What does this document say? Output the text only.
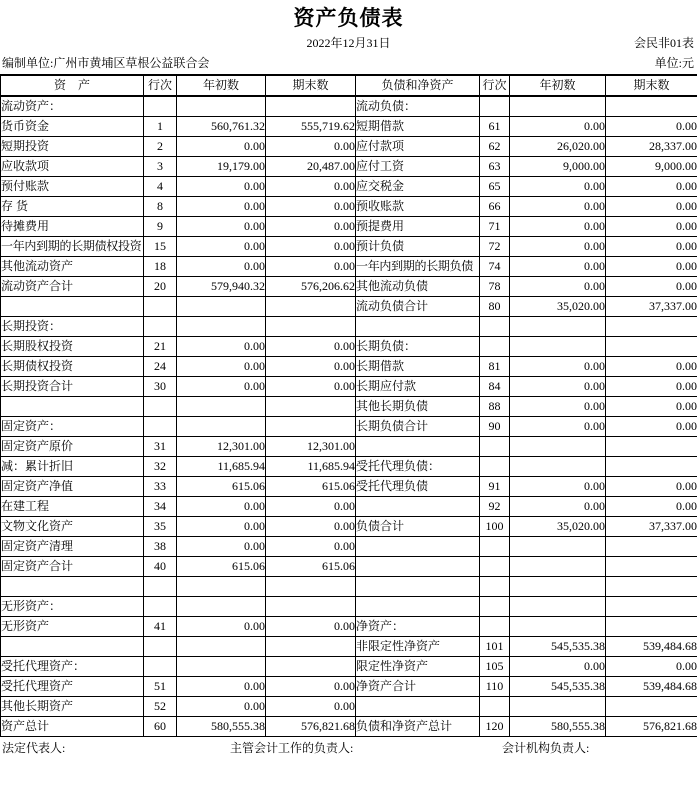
资产负债表
2022年12月31日	会民非01表
编制单位:广州市黄埔区草根公益联合会	单位:元
资　产	行次	年初数	期末数	负债和净资产	行次	年初数	期末数
流动资产：				流动负债：			
货币资金	1	560,761.32	555,719.62	短期借款	61	0.00	0.00
短期投资	2	0.00	0.00	应付款项	62	26,020.00	28,337.00
应收款项	3	19,179.00	20,487.00	应付工资	63	9,000.00	9,000.00
预付账款	4	0.00	0.00	应交税金	65	0.00	0.00
存 货	8	0.00	0.00	预收账款	66	0.00	0.00
待摊费用	9	0.00	0.00	预提费用	71	0.00	0.00
一年内到期的长期债权投资	15	0.00	0.00	预计负债	72	0.00	0.00
其他流动资产	18	0.00	0.00	一年内到期的长期负债	74	0.00	0.00
流动资产合计	20	579,940.32	576,206.62	其他流动负债	78	0.00	0.00
				流动负债合计	80	35,020.00	37,337.00
长期投资：							
长期股权投资	21	0.00	0.00	长期负债：			
长期债权投资	24	0.00	0.00	长期借款	81	0.00	0.00
长期投资合计	30	0.00	0.00	长期应付款	84	0.00	0.00
				其他长期负债	88	0.00	0.00
固定资产：				长期负债合计	90	0.00	0.00
固定资产原价	31	12,301.00	12,301.00				
减：累计折旧	32	11,685.94	11,685.94	受托代理负债：			
固定资产净值	33	615.06	615.06	受托代理负债	91	0.00	0.00
在建工程	34	0.00	0.00		92	0.00	0.00
文物文化资产	35	0.00	0.00	负债合计	100	35,020.00	37,337.00
固定资产清理	38	0.00	0.00				
固定资产合计	40	615.06	615.06				

无形资产：							
无形资产	41	0.00	0.00	净资产：			
				非限定性净资产	101	545,535.38	539,484.68
受托代理资产：				限定性净资产	105	0.00	0.00
受托代理资产	51	0.00	0.00	净资产合计	110	545,535.38	539,484.68
其他长期资产	52	0.00	0.00				
资产总计	60	580,555.38	576,821.68	负债和净资产总计	120	580,555.38	576,821.68
法定代表人:	主管会计工作的负责人:	会计机构负责人:
